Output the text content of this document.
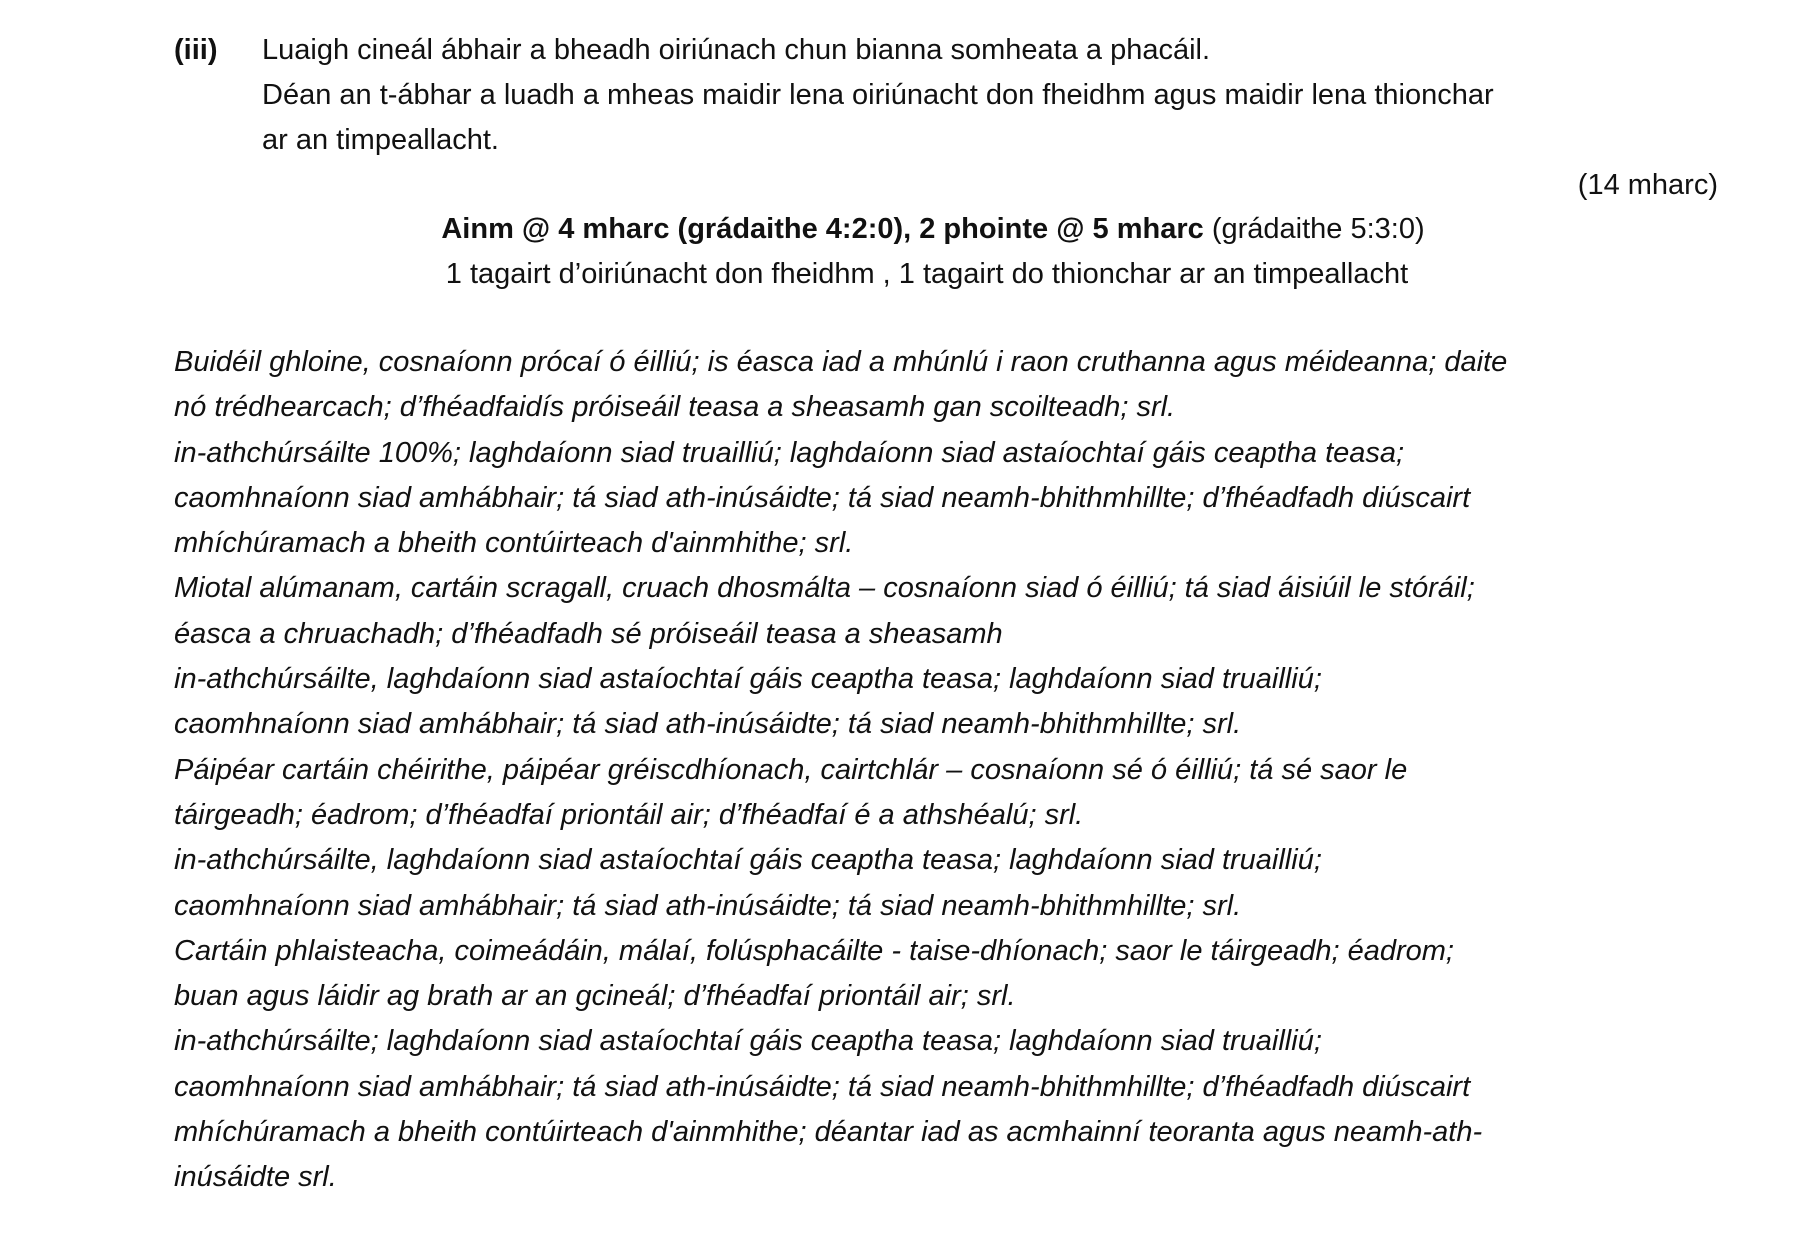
(iii) Luaigh cineál ábhair a bheadh oiriúnach chun bianna somheata a phacáil.
Déan an t-ábhar a luadh a mheas maidir lena oiriúnacht don fheidhm agus maidir lena thionchar
ar an timpeallacht.
(14 mharc)
Ainm @ 4 mharc (grádaithe 4:2:0), 2 phointe @ 5 mharc (grádaithe 5:3:0)
1 tagairt d’oiriúnacht don fheidhm , 1 tagairt do thionchar ar an timpeallacht
Buidéil ghloine, cosnaíonn prócaí ó éilliú; is éasca iad a mhúnlú i raon cruthanna agus méideanna; daite
nó trédhearcach; d’fhéadfaidís próiseáil teasa a sheasamh gan scoilteadh; srl.
in-athchúrsáilte 100%; laghdaíonn siad truailliú; laghdaíonn siad astaíochtaí gáis ceaptha teasa;
caomhnaíonn siad amhábhair; tá siad ath-inúsáidte; tá siad neamh-bhithmhillte; d’fhéadfadh diúscairt
mhíchúramach a bheith contúirteach d'ainmhithe; srl.
Miotal alúmanam, cartáin scragall, cruach dhosmálta – cosnaíonn siad ó éilliú; tá siad áisiúil le stóráil;
éasca a chruachadh; d’fhéadfadh sé próiseáil teasa a sheasamh
in-athchúrsáilte, laghdaíonn siad astaíochtaí gáis ceaptha teasa; laghdaíonn siad truailliú;
caomhnaíonn siad amhábhair; tá siad ath-inúsáidte; tá siad neamh-bhithmhillte; srl.
Páipéar cartáin chéirithe, páipéar gréiscdhíonach, cairtchlár – cosnaíonn sé ó éilliú; tá sé saor le
táirgeadh; éadrom; d’fhéadfaí priontáil air; d’fhéadfaí é a athshéalú; srl.
in-athchúrsáilte, laghdaíonn siad astaíochtaí gáis ceaptha teasa; laghdaíonn siad truailliú;
caomhnaíonn siad amhábhair; tá siad ath-inúsáidte; tá siad neamh-bhithmhillte; srl.
Cartáin phlaisteacha, coimeádáin, málaí, folúsphacáilte - taise-dhíonach; saor le táirgeadh; éadrom;
buan agus láidir ag brath ar an gcineál; d’fhéadfaí priontáil air; srl.
in-athchúrsáilte; laghdaíonn siad astaíochtaí gáis ceaptha teasa; laghdaíonn siad truailliú;
caomhnaíonn siad amhábhair; tá siad ath-inúsáidte; tá siad neamh-bhithmhillte; d’fhéadfadh diúscairt
mhíchúramach a bheith contúirteach d'ainmhithe; déantar iad as acmhainní teoranta agus neamh-ath-
inúsáidte srl.
